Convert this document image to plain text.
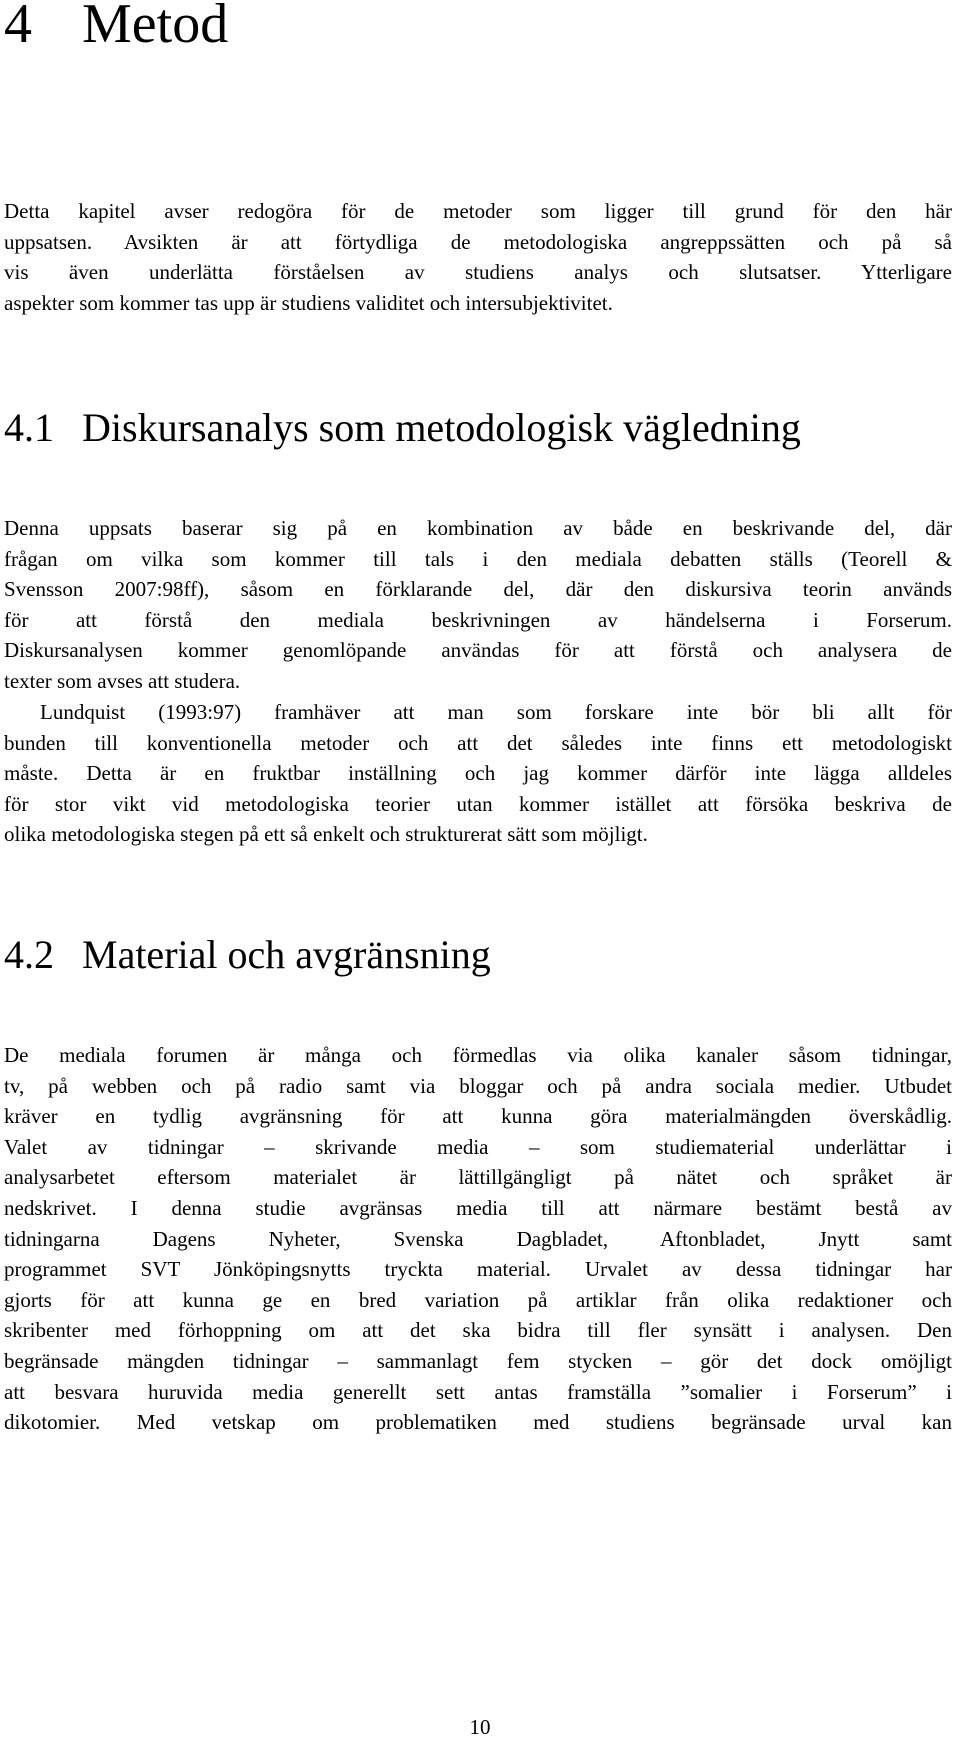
4 Metod
Detta kapitel avser redogöra för de metoder som ligger till grund för den här
uppsatsen. Avsikten är att förtydliga de metodologiska angreppssätten och på så
vis även underlätta förståelsen av studiens analys och slutsatser. Ytterligare
aspekter som kommer tas upp är studiens validitet och intersubjektivitet.
4.1 Diskursanalys som metodologisk vägledning
Denna uppsats baserar sig på en kombination av både en beskrivande del, där
frågan om vilka som kommer till tals i den mediala debatten ställs (Teorell &
Svensson 2007:98ff), såsom en förklarande del, där den diskursiva teorin används
för att förstå den mediala beskrivningen av händelserna i Forserum.
Diskursanalysen kommer genomlöpande användas för att förstå och analysera de
texter som avses att studera.
Lundquist (1993:97) framhäver att man som forskare inte bör bli allt för
bunden till konventionella metoder och att det således inte finns ett metodologiskt
måste. Detta är en fruktbar inställning och jag kommer därför inte lägga alldeles
för stor vikt vid metodologiska teorier utan kommer istället att försöka beskriva de
olika metodologiska stegen på ett så enkelt och strukturerat sätt som möjligt.
4.2 Material och avgränsning
De mediala forumen är många och förmedlas via olika kanaler såsom tidningar,
tv, på webben och på radio samt via bloggar och på andra sociala medier. Utbudet
kräver en tydlig avgränsning för att kunna göra materialmängden överskådlig.
Valet av tidningar – skrivande media – som studiematerial underlättar i
analysarbetet eftersom materialet är lättillgängligt på nätet och språket är
nedskrivet. I denna studie avgränsas media till att närmare bestämt bestå av
tidningarna Dagens Nyheter, Svenska Dagbladet, Aftonbladet, Jnytt samt
programmet SVT Jönköpingsnytts tryckta material. Urvalet av dessa tidningar har
gjorts för att kunna ge en bred variation på artiklar från olika redaktioner och
skribenter med förhoppning om att det ska bidra till fler synsätt i analysen. Den
begränsade mängden tidningar – sammanlagt fem stycken – gör det dock omöjligt
att besvara huruvida media generellt sett antas framställa ”somalier i Forserum” i
dikotomier. Med vetskap om problematiken med studiens begränsade urval kan

10
